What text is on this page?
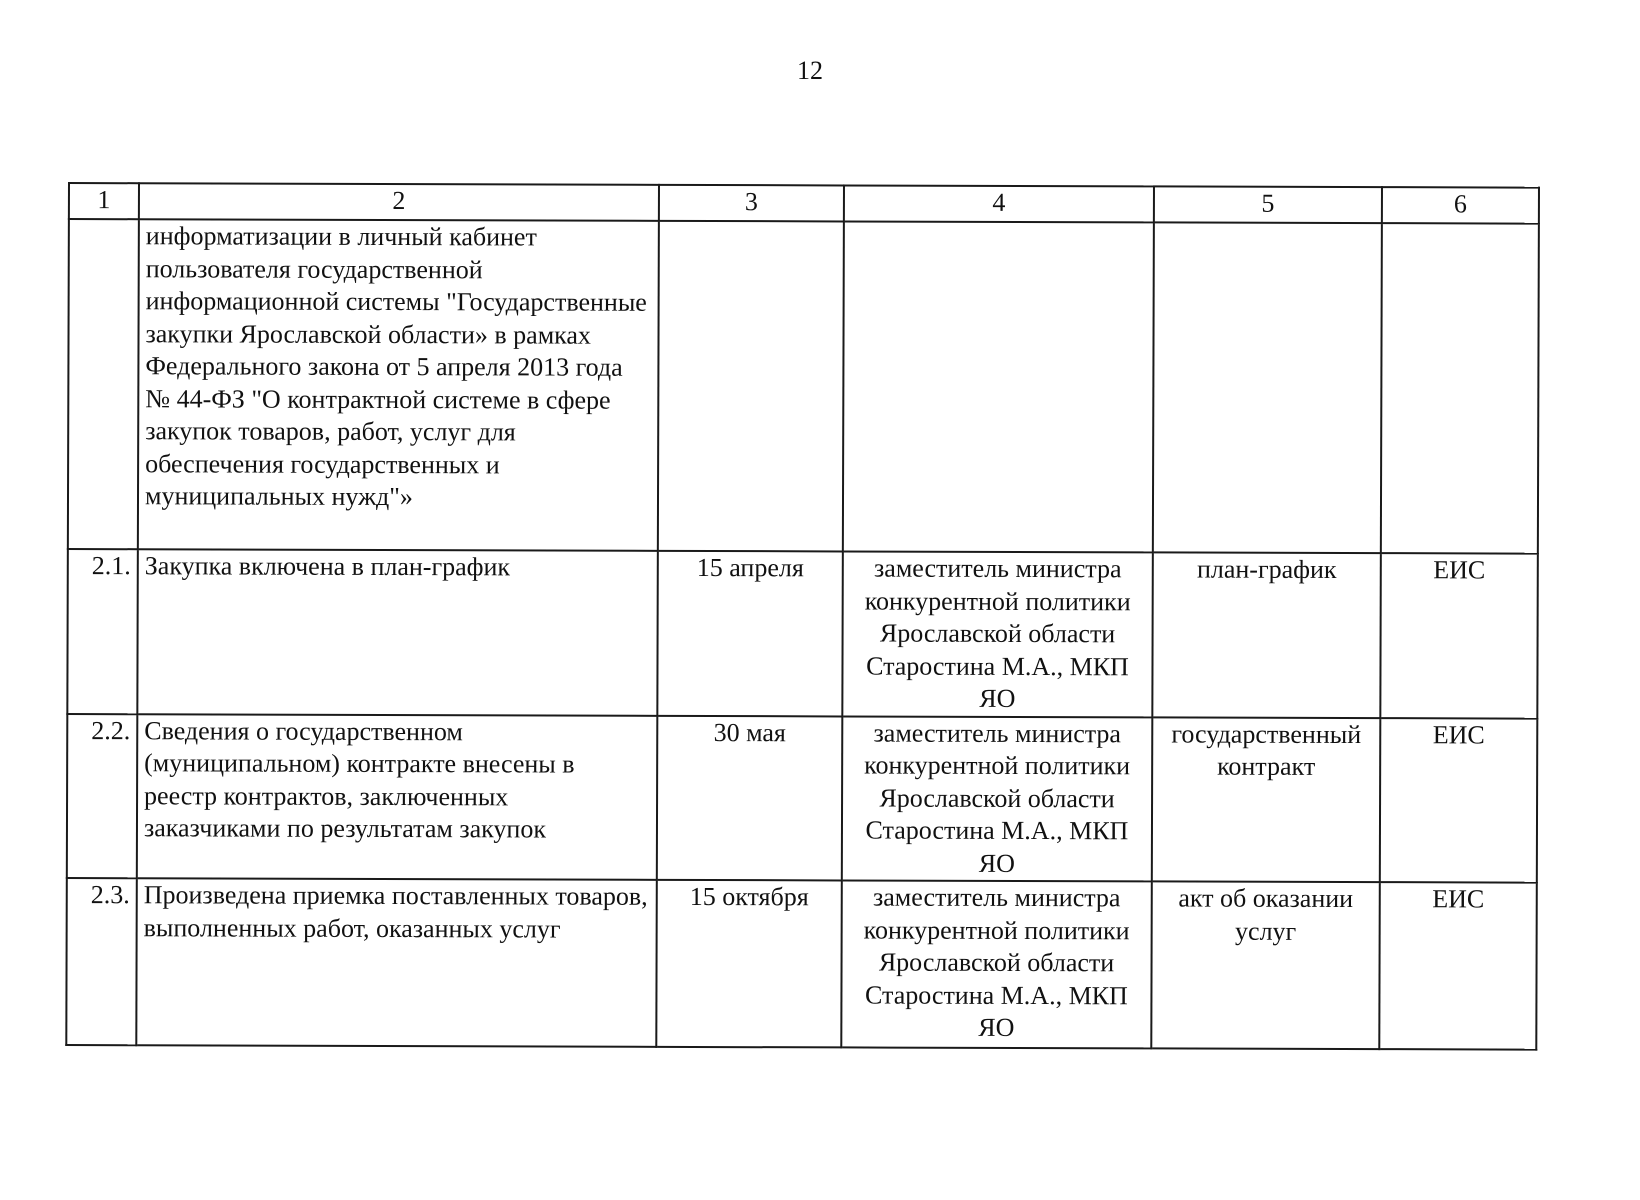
12
1	2	3	4	5	6
	информатизации в личный кабинет пользователя государственной информационной системы "Государственные закупки Ярославской области» в рамках Федерального закона от 5 апреля 2013 года № 44-ФЗ "О контрактной системе в сфере закупок товаров, работ, услуг для обеспечения государственных и муниципальных нужд"»				
2.1.	Закупка включена в план-график	15 апреля	заместитель министра
конкурентной политики
Ярославской области
Старостина М.А., МКП
ЯО	план-график	ЕИС
2.2.	Сведения о государственном (муниципальном) контракте внесены в реестр контрактов, заключенных заказчиками по результатам закупок	30 мая	заместитель министра
конкурентной политики
Ярославской области
Старостина М.А., МКП
ЯО	государственный контракт	ЕИС
2.3.	Произведена приемка поставленных товаров, выполненных работ, оказанных услуг	15 октября	заместитель министра
конкурентной политики
Ярославской области
Старостина М.А., МКП
ЯО	акт об оказании услуг	ЕИС
